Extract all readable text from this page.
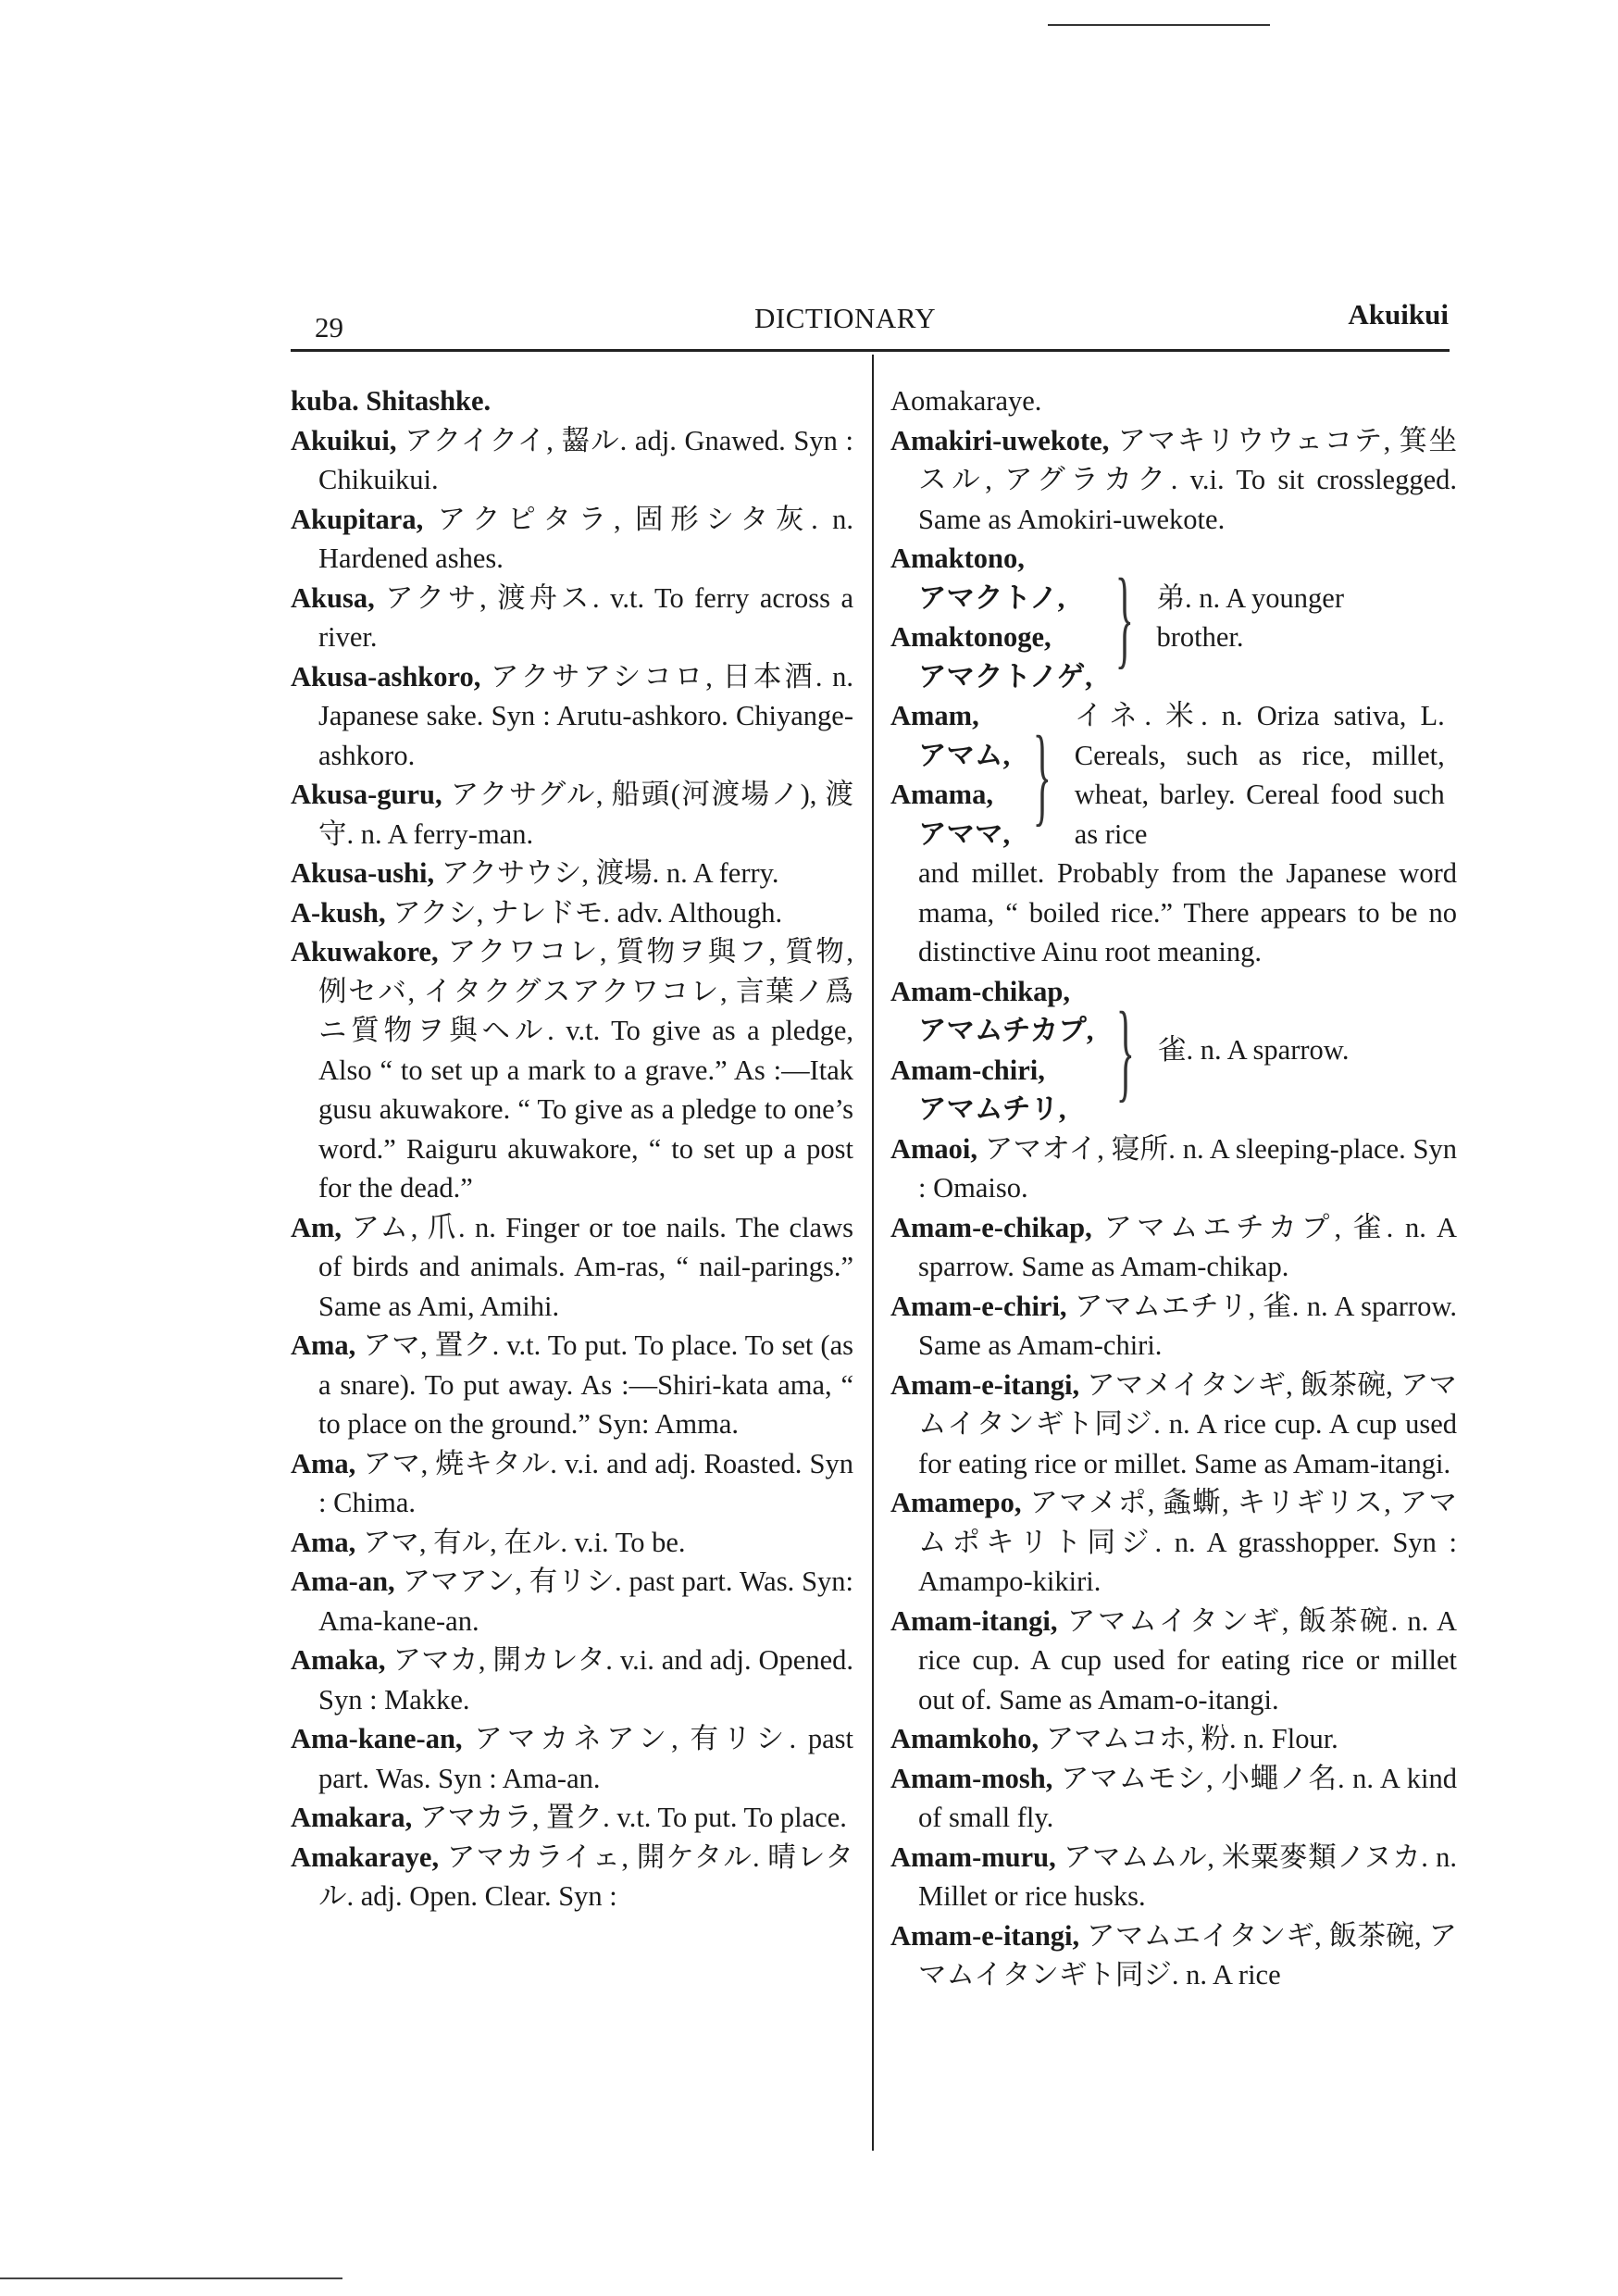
29	DICTIONARY	Akuikui

kuba. Shitashke.

Akuikui, アクイクイ, 齧ル. adj. Gnawed. Syn : Chikuikui.

Akupitara, アクピタラ, 固形シタ灰. n. Hardened ashes.

Akusa, アクサ, 渡舟ス. v.t. To ferry across a river.

Akusa-ashkoro, アクサアシコロ, 日本酒. n. Japanese sake. Syn : Arutu-ashkoro. Chiyange-ashkoro.

Akusa-guru, アクサグル, 船頭(河渡場ノ), 渡守. n. A ferry-man.

Akusa-ushi, アクサウシ, 渡場. n. A ferry.

A-kush, アクシ, ナレドモ. adv. Although.

Akuwakore, アクワコレ, 質物ヲ與フ, 質物, 例セバ, イタクグスアクワコレ, 言葉ノ爲ニ質物ヲ與ヘル. v.t. To give as a pledge, Also “ to set up a mark to a grave.” As :—Itak gusu akuwakore. “ To give as a pledge to one’s word.” Raiguru akuwakore, “ to set up a post for the dead.”

Am, アム, 爪. n. Finger or toe nails. The claws of birds and animals. Am-ras, “ nail-parings.” Same as Ami, Amihi.

Ama, アマ, 置ク. v.t. To put. To place. To set (as a snare). To put away. As :—Shiri-kata ama, “ to place on the ground.” Syn: Amma.

Ama, アマ, 焼キタル. v.i. and adj. Roasted. Syn : Chima.

Ama, アマ, 有ル, 在ル. v.i. To be.

Ama-an, アマアン, 有リシ. past part. Was. Syn: Ama-kane-an.

Amaka, アマカ, 開カレタ. v.i. and adj. Opened. Syn : Makke.

Ama-kane-an, アマカネアン, 有リシ. past part. Was. Syn : Ama-an.

Amakara, アマカラ, 置ク. v.t. To put. To place.

Amakaraye, アマカライェ, 開ケタル. 晴レタル. adj. Open. Clear. Syn :

Aomakaraye.

Amakiri-uwekote, アマキリウウェコテ, 箕坐スル, アグラカク. v.i. To sit crosslegged. Same as Amokiri-uwekote.

Amaktono,
アマクトノ,
Amaktonoge,
アマクトノゲ, } 弟. n. A younger brother.
Amam,
アマム,
Amama,
アママ, } イネ. 米. n. Oriza sativa, L. Cereals, such as rice, millet, wheat, barley. Cereal food such as rice

and millet. Probably from the Japanese word mama, “ boiled rice.” There appears to be no distinctive Ainu root meaning.

Amam-chikap,
アマムチカプ,
Amam-chiri,
アマムチリ, } 雀. n. A sparrow.

Amaoi, アマオイ, 寝所. n. A sleeping-place. Syn : Omaiso.

Amam-e-chikap, アマムエチカプ, 雀. n. A sparrow. Same as Amam-chikap.

Amam-e-chiri, アマムエチリ, 雀. n. A sparrow. Same as Amam-chiri.

Amam-e-itangi, アマメイタンギ, 飯茶碗, アマムイタンギト同ジ. n. A rice cup. A cup used for eating rice or millet. Same as Amam-itangi.

Amamepo, アマメポ, 螽蟖, キリギリス, アマムポキリト同ジ. n. A grasshopper. Syn : Amampo-kikiri.

Amam-itangi, アマムイタンギ, 飯茶碗. n. A rice cup. A cup used for eating rice or millet out of. Same as Amam-o-itangi.

Amamkoho, アマムコホ, 粉. n. Flour.

Amam-mosh, アマムモシ, 小蠅ノ名. n. A kind of small fly.

Amam-muru, アマムムル, 米粟麥類ノヌカ. n. Millet or rice husks.

Amam-e-itangi, アマムエイタンギ, 飯茶碗, アマムイタンギト同ジ. n. A rice
